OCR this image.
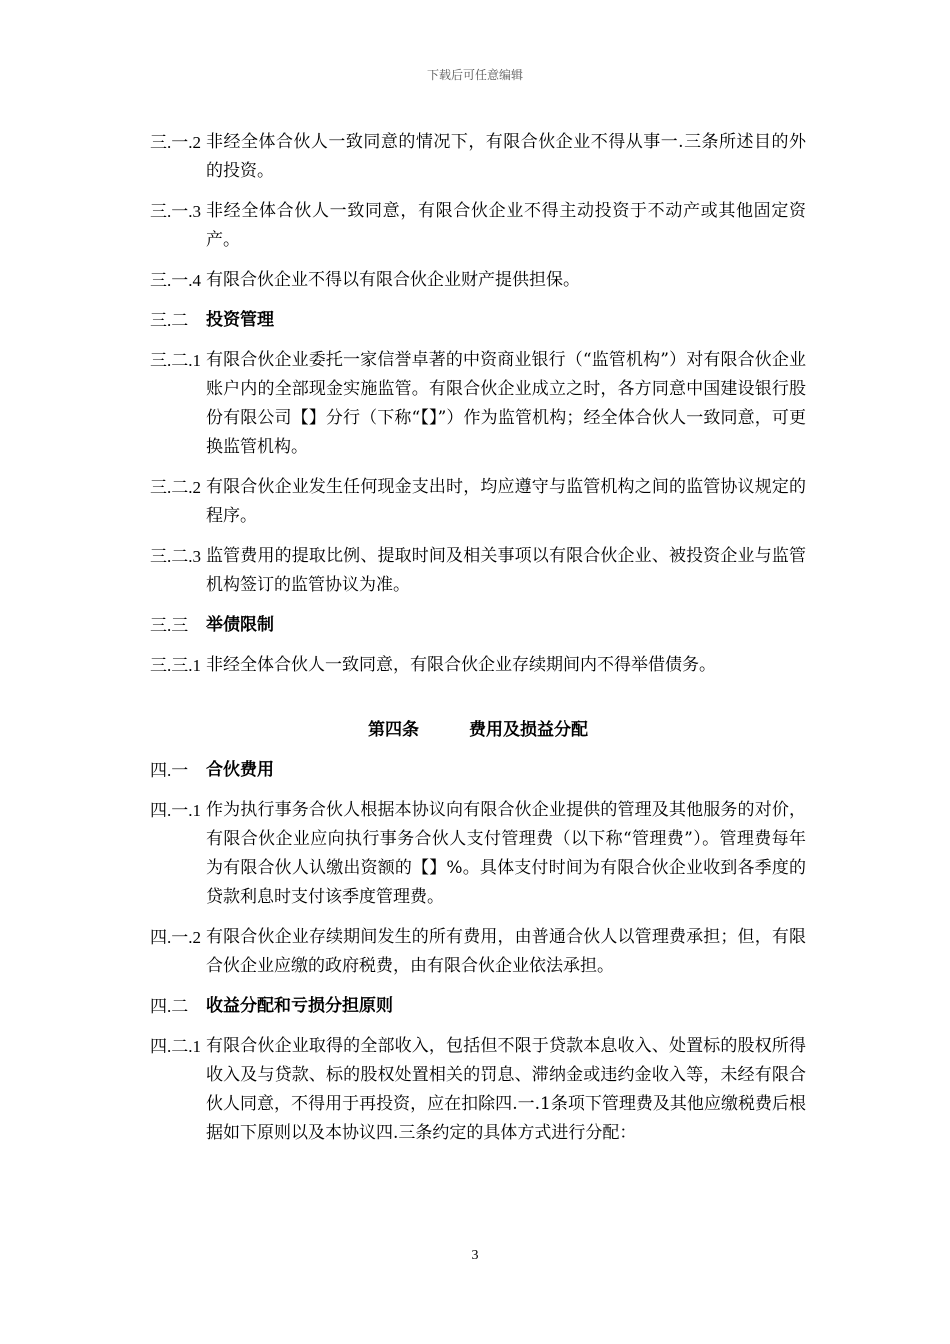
下载后可任意编辑
三.一.2 非经全体合伙人一致同意的情况下，有限合伙企业不得从事一.三条所述目的外的投资。
三.一.3 非经全体合伙人一致同意，有限合伙企业不得主动投资于不动产或其他固定资产。
三.一.4 有限合伙企业不得以有限合伙企业财产提供担保。
三.二	投资管理
三.二.1 有限合伙企业委托一家信誉卓著的中资商业银行（“监管机构”）对有限合伙企业账户内的全部现金实施监管。有限合伙企业成立之时，各方同意中国建设银行股份有限公司【】分行（下称“【】”）作为监管机构；经全体合伙人一致同意，可更换监管机构。
三.二.2 有限合伙企业发生任何现金支出时，均应遵守与监管机构之间的监管协议规定的程序。
三.二.3 监管费用的提取比例、提取时间及相关事项以有限合伙企业、被投资企业与监管机构签订的监管协议为准。
三.三	举债限制
三.三.1 非经全体合伙人一致同意，有限合伙企业存续期间内不得举借债务。
第四条	费用及损益分配
四.一	合伙费用
四.一.1 作为执行事务合伙人根据本协议向有限合伙企业提供的管理及其他服务的对价，有限合伙企业应向执行事务合伙人支付管理费（以下称“管理费”）。管理费每年为有限合伙人认缴出资额的【】%。具体支付时间为有限合伙企业收到各季度的贷款利息时支付该季度管理费。
四.一.2 有限合伙企业存续期间发生的所有费用，由普通合伙人以管理费承担；但，有限合伙企业应缴的政府税费，由有限合伙企业依法承担。
四.二	收益分配和亏损分担原则
四.二.1 有限合伙企业取得的全部收入，包括但不限于贷款本息收入、处置标的股权所得收入及与贷款、标的股权处置相关的罚息、滞纳金或违约金收入等，未经有限合伙人同意，不得用于再投资，应在扣除四.一.1条项下管理费及其他应缴税费后根据如下原则以及本协议四.三条约定的具体方式进行分配：
3
